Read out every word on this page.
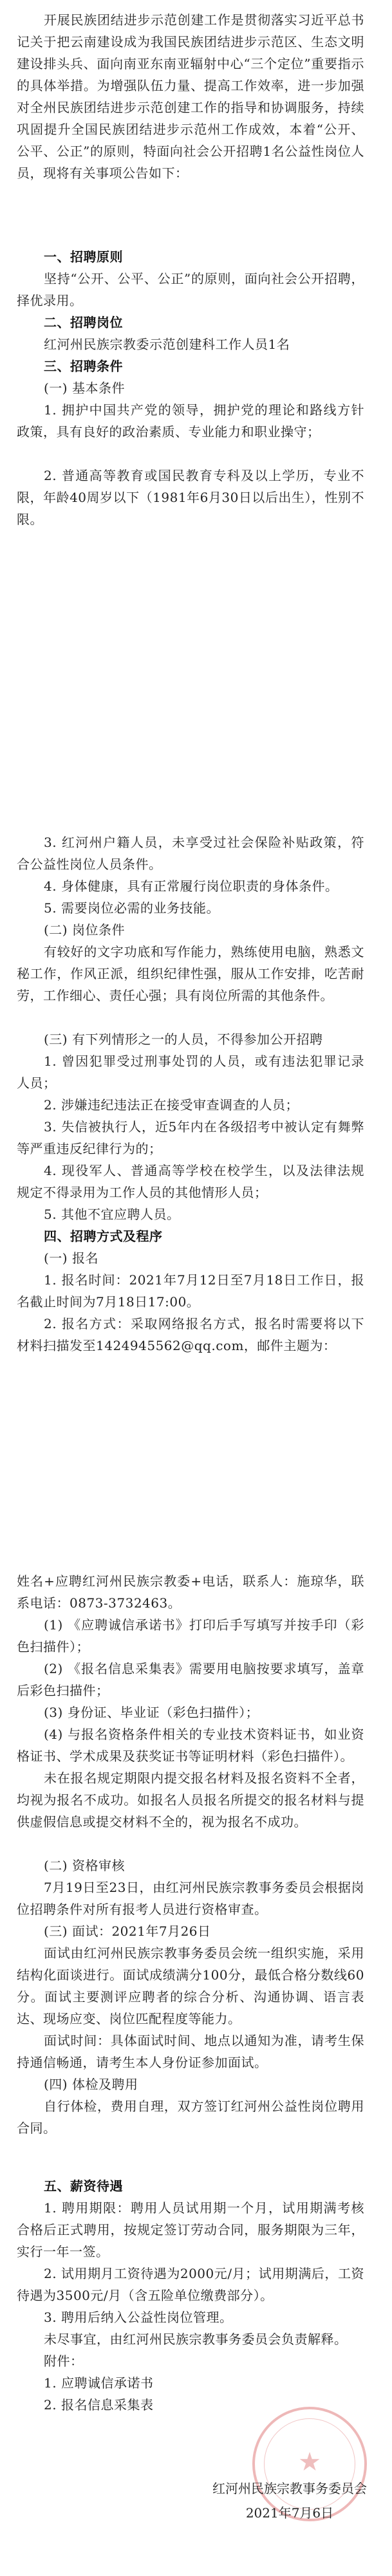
开展民族团结进步示范创建工作是贯彻落实习近平总书记关于把云南建设成为我国民族团结进步示范区、生态文明建设排头兵、面向南亚东南亚辐射中心“三个定位”重要指示的具体举措。为增强队伍力量、提高工作效率，进一步加强对全州民族团结进步示范创建工作的指导和协调服务，持续巩固提升全国民族团结进步示范州工作成效，本着“公开、公平、公正”的原则，特面向社会公开招聘1名公益性岗位人员，现将有关事项公告如下：

一、招聘原则

坚持“公开、公平、公正”的原则，面向社会公开招聘，择优录用。

二、招聘岗位

红河州民族宗教委示范创建科工作人员1名

三、招聘条件

(一) 基本条件

1. 拥护中国共产党的领导，拥护党的理论和路线方针政策，具有良好的政治素质、专业能力和职业操守；

2. 普通高等教育或国民教育专科及以上学历，专业不限，年龄40周岁以下（1981年6月30日以后出生），性别不限。

3. 红河州户籍人员，未享受过社会保险补贴政策，符合公益性岗位人员条件。

4. 身体健康，具有正常履行岗位职责的身体条件。

5. 需要岗位必需的业务技能。

(二) 岗位条件

有较好的文字功底和写作能力，熟练使用电脑，熟悉文秘工作，作风正派，组织纪律性强，服从工作安排，吃苦耐劳，工作细心、责任心强；具有岗位所需的其他条件。

(三) 有下列情形之一的人员，不得参加公开招聘

1. 曾因犯罪受过刑事处罚的人员，或有违法犯罪记录人员；

2. 涉嫌违纪违法正在接受审查调查的人员；

3. 失信被执行人，近5年内在各级招考中被认定有舞弊等严重违反纪律行为的；

4. 现役军人、普通高等学校在校学生，以及法律法规规定不得录用为工作人员的其他情形人员；

5. 其他不宜应聘人员。

四、招聘方式及程序

(一) 报名

1. 报名时间：2021年7月12日至7月18日工作日，报名截止时间为7月18日17:00。

2. 报名方式：采取网络报名方式，报名时需要将以下材料扫描发至1424945562@qq.com，邮件主题为：

姓名+应聘红河州民族宗教委+电话，联系人：施琼华，联系电话：0873-3732463。

(1) 《应聘诚信承诺书》打印后手写填写并按手印（彩色扫描件）；

(2) 《报名信息采集表》需要用电脑按要求填写，盖章后彩色扫描件；

(3) 身份证、毕业证（彩色扫描件）；

(4) 与报名资格条件相关的专业技术资料证书，如业资格证书、学术成果及获奖证书等证明材料（彩色扫描件）。

未在报名规定期限内提交报名材料及报名资料不全者，均视为报名不成功。如报名人员报名所提交的报名材料与提供虚假信息或提交材料不全的，视为报名不成功。

(二) 资格审核

7月19日至23日，由红河州民族宗教事务委员会根据岗位招聘条件对所有报考人员进行资格审查。

(三) 面试：2021年7月26日

面试由红河州民族宗教事务委员会统一组织实施，采用结构化面谈进行。面试成绩满分100分，最低合格分数线60分。面试主要测评应聘者的综合分析、沟通协调、语言表达、现场应变、岗位匹配程度等能力。

面试时间：具体面试时间、地点以通知为准，请考生保持通信畅通，请考生本人身份证参加面试。

(四) 体检及聘用

自行体检，费用自理，双方签订红河州公益性岗位聘用合同。

五、薪资待遇

1. 聘用期限：聘用人员试用期一个月，试用期满考核合格后正式聘用，按规定签订劳动合同，服务期限为三年，实行一年一签。

2. 试用期月工资待遇为2000元/月；试用期满后，工资待遇为3500元/月（含五险单位缴费部分）。

3. 聘用后纳入公益性岗位管理。

未尽事宜，由红河州民族宗教事务委员会负责解释。

附件：

1. 应聘诚信承诺书

2. 报名信息采集表

★

红河州民族宗教事务委员会

2021年7月6日
